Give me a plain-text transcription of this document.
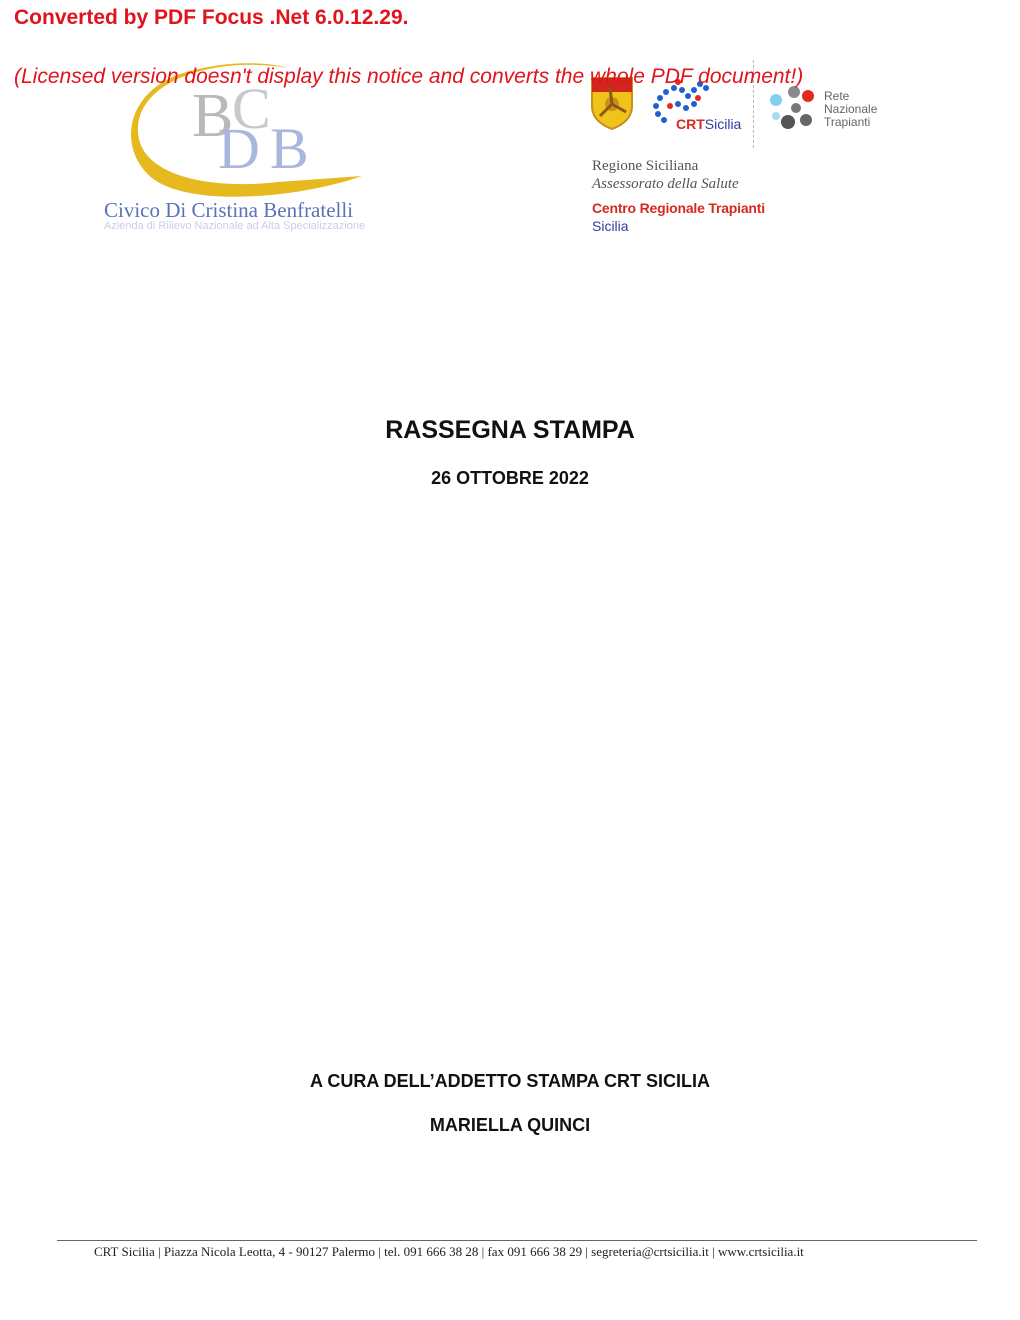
Converted by PDF Focus .Net 6.0.12.29.
(Licensed version doesn't display this notice and converts the whole PDF document!)
B
C
D B
Civico Di Cristina Benfratelli
Azienda di Rilievo Nazionale ad Alta Specializzazione
CRTSicilia
Rete
Nazionale
Trapianti
Regione Siciliana
Assessorato della Salute
Centro Regionale Trapianti
Sicilia
RASSEGNA STAMPA
26 OTTOBRE 2022
A CURA DELL’ADDETTO STAMPA CRT SICILIA
MARIELLA QUINCI
CRT Sicilia | Piazza Nicola Leotta, 4 - 90127 Palermo | tel. 091 666 38 28 | fax 091 666 38 29 | segreteria@crtsicilia.it | www.crtsicilia.it
